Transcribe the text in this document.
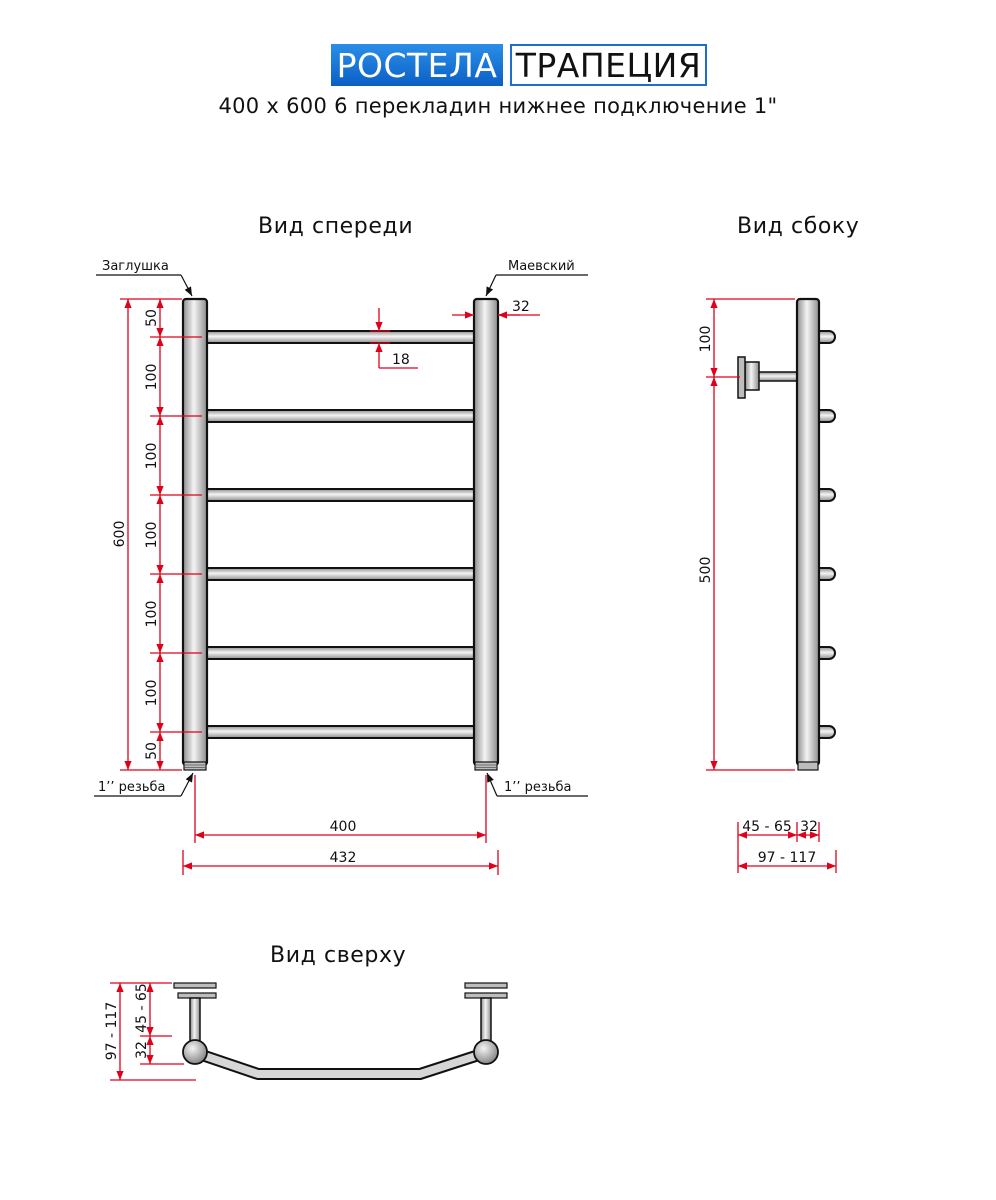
РОСТЕЛА ТРАПЕЦИЯ
400 x 600 6 перекладин нижнее подключение 1"
Вид спереди	Вид сбоку
Вид сверху
Заглушка	Маевский
1’’ резьба	1’’ резьба
600
50
100
100
100
100
100
50
32
18
400
432
100
500
45 - 65 32
97 - 117
97 - 117 45 - 65
32
